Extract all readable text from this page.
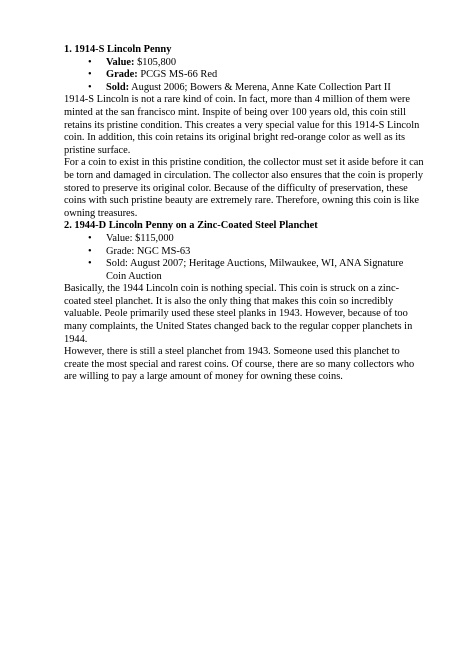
1. 1914-S Lincoln Penny

• Value: $105,800
• Grade: PCGS MS-66 Red
• Sold: August 2006; Bowers & Merena, Anne Kate Collection Part II

1914-S Lincoln is not a rare kind of coin. In fact, more than 4 million of them were minted at the san francisco mint. Inspite of being over 100 years old, this coin still retains its pristine condition. This creates a very special value for this 1914-S Lincoln coin. In addition, this coin retains its original bright red-orange color as well as its pristine surface.

For a coin to exist in this pristine condition, the collector must set it aside before it can be torn and damaged in circulation. The collector also ensures that the coin is properly stored to preserve its original color. Because of the difficulty of preservation, these coins with such pristine beauty are extremely rare. Therefore, owning this coin is like owning treasures.

2. 1944-D Lincoln Penny on a Zinc-Coated Steel Planchet

• Value: $115,000
• Grade: NGC MS-63
• Sold: August 2007; Heritage Auctions, Milwaukee, WI, ANA Signature Coin Auction

Basically, the 1944 Lincoln coin is nothing special. This coin is struck on a zinc-coated steel planchet. It is also the only thing that makes this coin so incredibly valuable. Peole primarily used these steel planks in 1943. However, because of too many complaints, the United States changed back to the regular copper planchets in 1944.

However, there is still a steel planchet from 1943. Someone used this planchet to create the most special and rarest coins. Of course, there are so many collectors who are willing to pay a large amount of money for owning these coins.
